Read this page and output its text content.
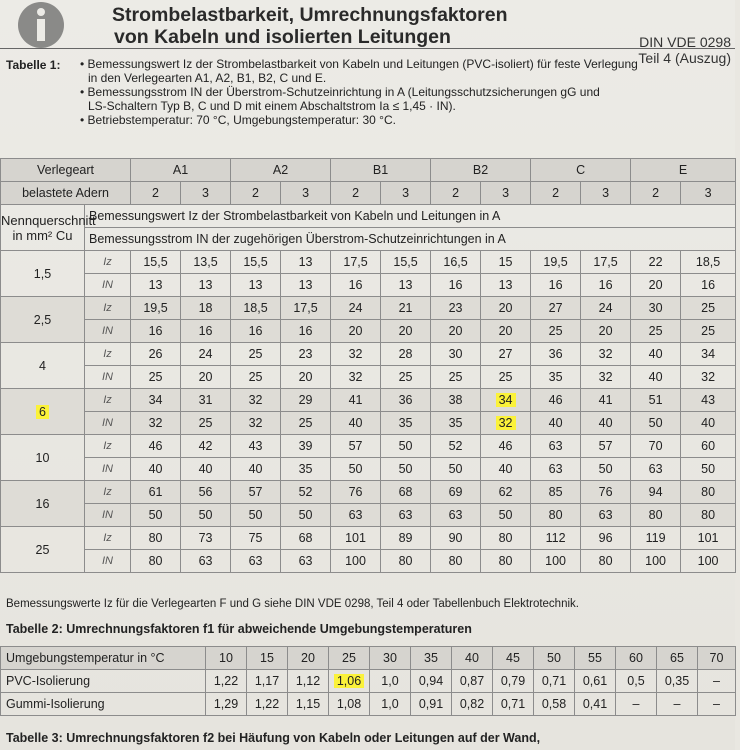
Strombelastbarkeit, Umrechnungsfaktoren
von Kabeln und isolierten Leitungen	DIN VDE 0298
Teil 4 (Auszug)
Tabelle 1: • Bemessungswert Iz der Strombelastbarkeit von Kabeln und Leitungen (PVC-isoliert) für feste Verlegung
in den Verlegearten A1, A2, B1, B2, C und E.
• Bemessungsstrom IN der Überstrom-Schutzeinrichtung in A (Leitungsschutzsicherungen gG und
LS-Schaltern Typ B, C und D mit einem Abschaltstrom Ia ≤ 1,45 · IN).
• Betriebstemperatur: 70 °C, Umgebungstemperatur: 30 °C.
Verlegeart		A1		A2		B1		B2		C		E	
belastete Adern		2	3	2	3	2	3	2	3	2	3	2	3
Nennquerschnitt
in mm² Cu	Bemessungswert Iz der Strombelastbarkeit von Kabeln und Leitungen in A												
	Bemessungsstrom IN der zugehörigen Überstrom-Schutzeinrichtungen in A												
1,5	Iz	15,5	13,5	15,5	13	17,5	15,5	16,5	15	19,5	17,5	22	18,5
	IN	13	13	13	13	16	13	16	13	16	16	20	16
2,5	Iz	19,5	18	18,5	17,5	24	21	23	20	27	24	30	25
	IN	16	16	16	16	20	20	20	20	25	20	25	25
4	Iz	26	24	25	23	32	28	30	27	36	32	40	34
	IN	25	20	25	20	32	25	25	25	35	32	40	32
6	Iz	34	31	32	29	41	36	38	34	46	41	51	43
	IN	32	25	32	25	40	35	35	32	40	40	50	40
10	Iz	46	42	43	39	57	50	52	46	63	57	70	60
	IN	40	40	40	35	50	50	50	40	63	50	63	50
16	Iz	61	56	57	52	76	68	69	62	85	76	94	80
	IN	50	50	50	50	63	63	63	50	80	63	80	80
25	Iz	80	73	75	68	101	89	90	80	112	96	119	101
	IN	80	63	63	63	100	80	80	80	100	80	100	100
Bemessungswerte Iz für die Verlegearten F und G siehe DIN VDE 0298, Teil 4 oder Tabellenbuch Elektrotechnik.
Tabelle 2: Umrechnungsfaktoren f1 für abweichende Umgebungstemperaturen
Umgebungstemperatur in °C	10	15	20	25	30	35	40	45	50	55	60	65	70
PVC-Isolierung	1,22	1,17	1,12	1,06	1,0	0,94	0,87	0,79	0,71	0,61	0,5	0,35	–
Gummi-Isolierung	1,29	1,22	1,15	1,08	1,0	0,91	0,82	0,71	0,58	0,41	–	–	–
Tabelle 3: Umrechnungsfaktoren f2 bei Häufung von Kabeln oder Leitungen auf der Wand,
